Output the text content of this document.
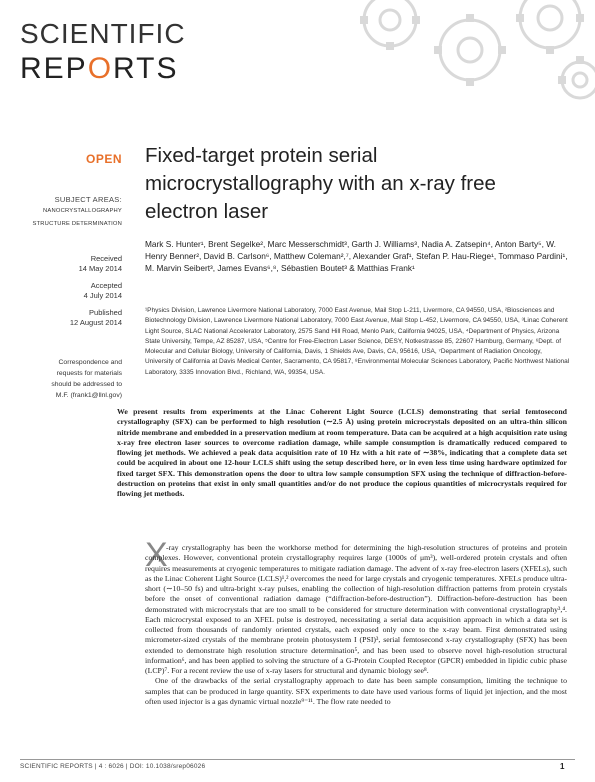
SCIENTIFIC
REPORTS
OPEN
SUBJECT AREAS:
NANOCRYSTALLOGRAPHY
STRUCTURE DETERMINATION
Received
14 May 2014
Accepted
4 July 2014
Published
12 August 2014
Correspondence and
requests for materials
should be addressed to
M.F. (frank1@llnl.gov)
Fixed-target protein serial
microcrystallography with an x-ray free
electron laser
Mark S. Hunter¹, Brent Segelke², Marc Messerschmidt³, Garth J. Williams³, Nadia A. Zatsepin⁴, Anton Barty⁵, W. Henry Benner², David B. Carlson⁶, Matthew Coleman²,⁷, Alexander Graf¹, Stefan P. Hau-Riege¹, Tommaso Pardini¹, M. Marvin Seibert³, James Evans⁶,⁸, Sébastien Boutet³ & Matthias Frank¹
¹Physics Division, Lawrence Livermore National Laboratory, 7000 East Avenue, Mail Stop L-211, Livermore, CA 94550, USA, ²Biosciences and Biotechnology Division, Lawrence Livermore National Laboratory, 7000 East Avenue, Mail Stop L-452, Livermore, CA 94550, USA, ³Linac Coherent Light Source, SLAC National Accelerator Laboratory, 2575 Sand Hill Road, Menlo Park, California 94025, USA, ⁴Department of Physics, Arizona State University, Tempe, AZ 85287, USA, ⁵Centre for Free-Electron Laser Science, DESY, Notkestrasse 85, 22607 Hamburg, Germany, ⁶Dept. of Molecular and Cellular Biology, University of California, Davis, 1 Shields Ave, Davis, CA, 95616, USA, ⁷Department of Radiation Oncology, University of California at Davis Medical Center, Sacramento, CA 95817, ⁸Environmental Molecular Sciences Laboratory, Pacific Northwest National Laboratory, 3335 Innovation Blvd., Richland, WA, 99354, USA.
We present results from experiments at the Linac Coherent Light Source (LCLS) demonstrating that serial femtosecond crystallography (SFX) can be performed to high resolution (∼2.5 Å) using protein microcrystals deposited on an ultra-thin silicon nitride membrane and embedded in a preservation medium at room temperature. Data can be acquired at a high acquisition rate using x-ray free electron laser sources to overcome radiation damage, while sample consumption is dramatically reduced compared to flowing jet methods. We achieved a peak data acquisition rate of 10 Hz with a hit rate of ∼38%, indicating that a complete data set could be acquired in about one 12-hour LCLS shift using the setup described here, or in even less time using hardware optimized for fixed target SFX. This demonstration opens the door to ultra low sample consumption SFX using the technique of diffraction-before-destruction on proteins that exist in only small quantities and/or do not produce the copious quantities of microcrystals required for flowing jet methods.
X

-ray crystallography has been the workhorse method for determining the high-resolution structures of proteins and protein complexes. However, conventional protein crystallography requires large (1000s of μm³), well-ordered protein crystals and often requires measurements at cryogenic temperatures to mitigate radiation damage. The advent of x-ray free-electron lasers (XFELs), such as the Linac Coherent Light Source (LCLS)¹,² overcomes the need for large crystals and cryogenic temperatures. XFELs produce ultra-short (∼10–50 fs) and ultra-bright x-ray pulses, enabling the collection of high-resolution diffraction patterns from protein crystals before the onset of conventional radiation damage (“diffraction-before-destruction”). Diffraction-before-destruction has been demonstrated with microcrystals that are too small to be considered for structure determination with conventional crystallography³,⁴. Each microcrystal exposed to an XFEL pulse is destroyed, necessitating a serial data acquisition approach in which a data set is collected from thousands of randomly oriented crystals, each exposed only once to the x-ray beam. First demonstrated using micrometer-sized crystals of the membrane protein photosystem I (PSI)³, serial femtosecond x-ray crystallography (SFX) has been extended to demonstrate high resolution structure determination⁵, and has been used to observe novel high-resolution structural information⁶, and has been applied to solving the structure of a G-Protein Coupled Receptor (GPCR) embedded in lipidic cubic phase (LCP)⁷. For a recent review the use of x-ray lasers for structural and dynamic biology see⁸.

One of the drawbacks of the serial crystallography approach to date has been sample consumption, limiting the technique to samples that can be produced in large quantity. SFX experiments to date have used various forms of liquid jet injection, and the most often used injector is a gas dynamic virtual nozzle⁹⁻¹¹. The flow rate needed to

SCIENTIFIC REPORTS | 4 : 6026 | DOI: 10.1038/srep06026	1
